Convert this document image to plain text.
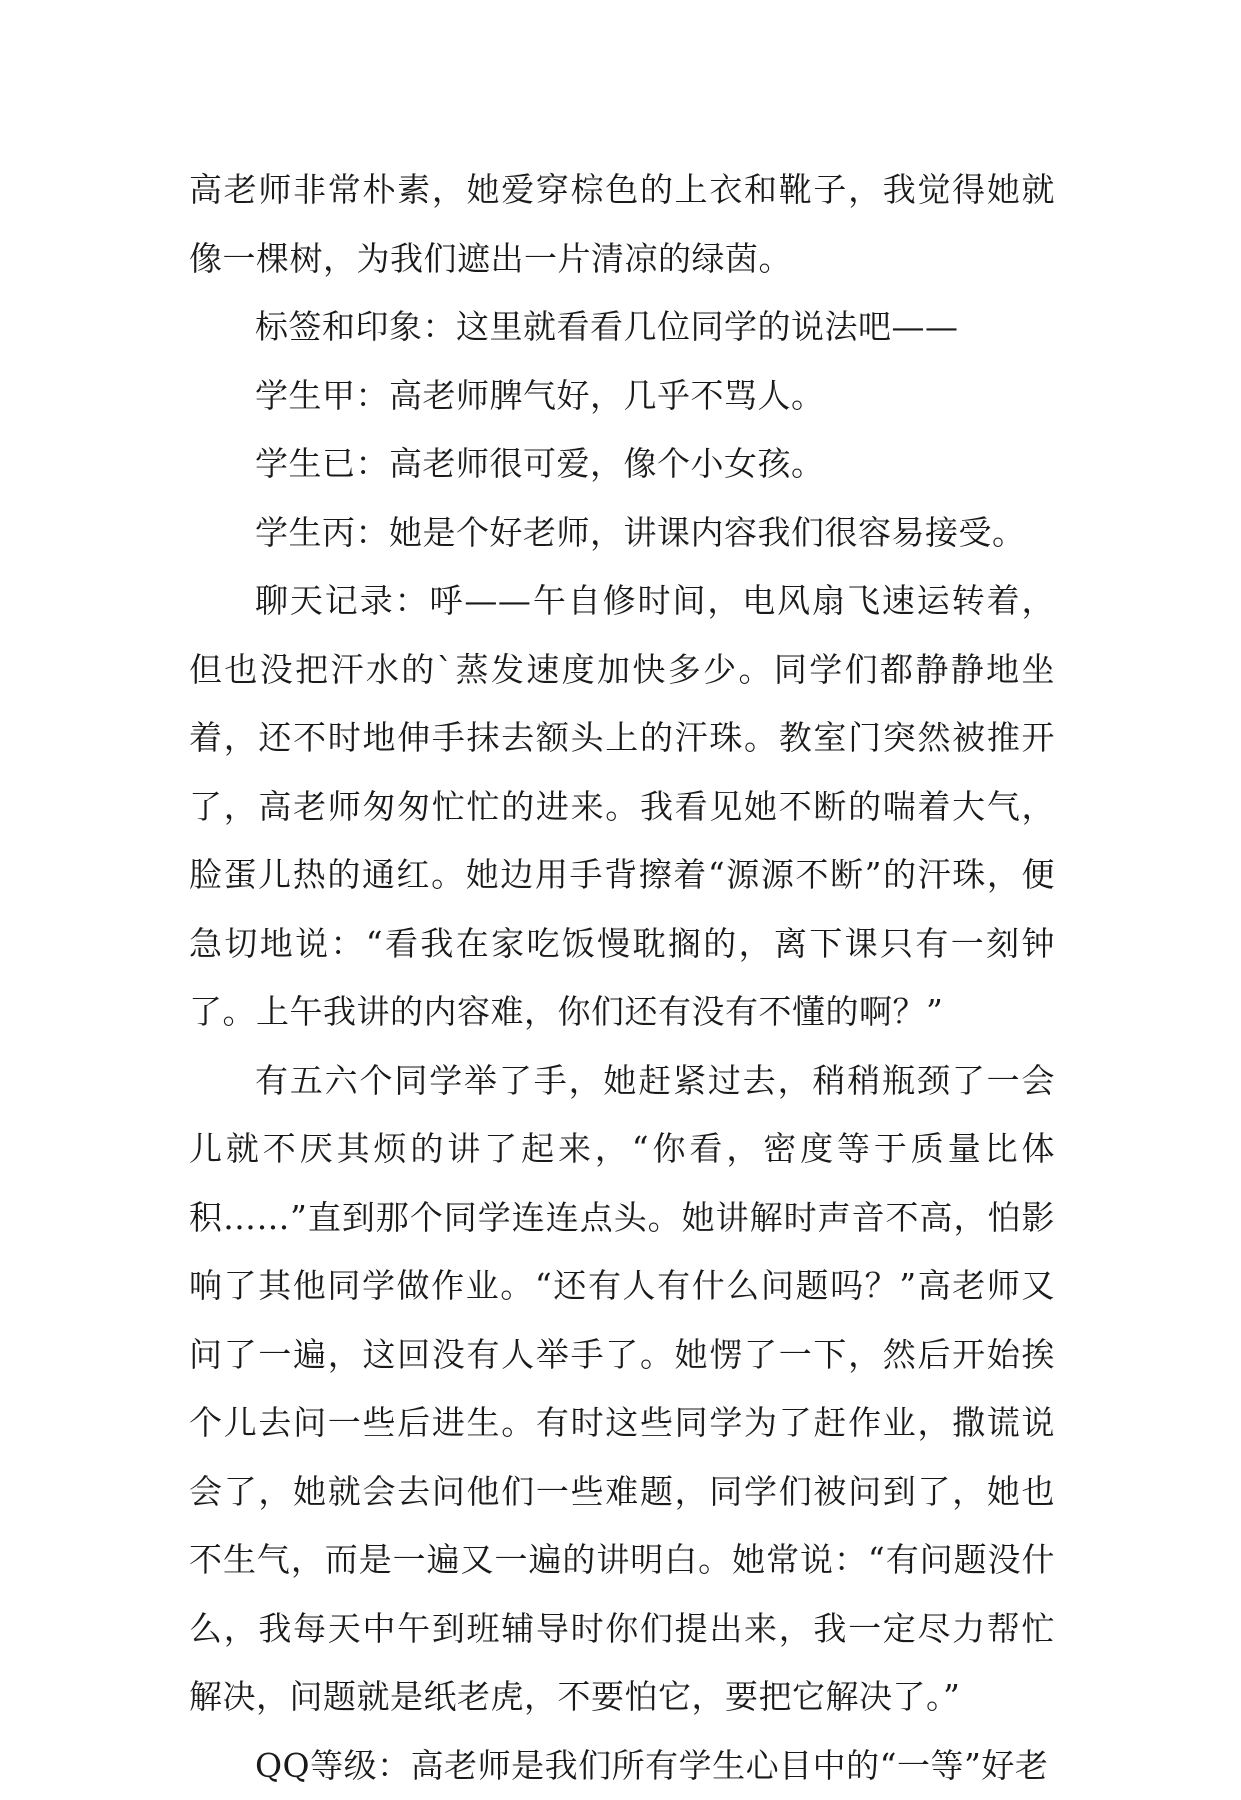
高老师非常朴素，她爱穿棕色的上衣和靴子，我觉得她就像一棵树，为我们遮出一片清凉的绿茵。

标签和印象：这里就看看几位同学的说法吧——

学生甲：高老师脾气好，几乎不骂人。

学生已：高老师很可爱，像个小女孩。

学生丙：她是个好老师，讲课内容我们很容易接受。

聊天记录：呼——午自修时间，电风扇飞速运转着，但也没把汗水的`蒸发速度加快多少。同学们都静静地坐着，还不时地伸手抹去额头上的汗珠。教室门突然被推开了，高老师匆匆忙忙的进来。我看见她不断的喘着大气，脸蛋儿热的通红。她边用手背擦着“源源不断”的汗珠，便急切地说：“看我在家吃饭慢耽搁的，离下课只有一刻钟了。上午我讲的内容难，你们还有没有不懂的啊？”

有五六个同学举了手，她赶紧过去，稍稍瓶颈了一会儿就不厌其烦的讲了起来，“你看，密度等于质量比体积……”直到那个同学连连点头。她讲解时声音不高，怕影响了其他同学做作业。“还有人有什么问题吗？”高老师又问了一遍，这回没有人举手了。她愣了一下，然后开始挨个儿去问一些后进生。有时这些同学为了赶作业，撒谎说会了，她就会去问他们一些难题，同学们被问到了，她也不生气，而是一遍又一遍的讲明白。她常说：“有问题没什么，我每天中午到班辅导时你们提出来，我一定尽力帮忙解决，问题就是纸老虎，不要怕它，要把它解决了。”

QQ等级：高老师是我们所有学生心目中的“一等”好老
